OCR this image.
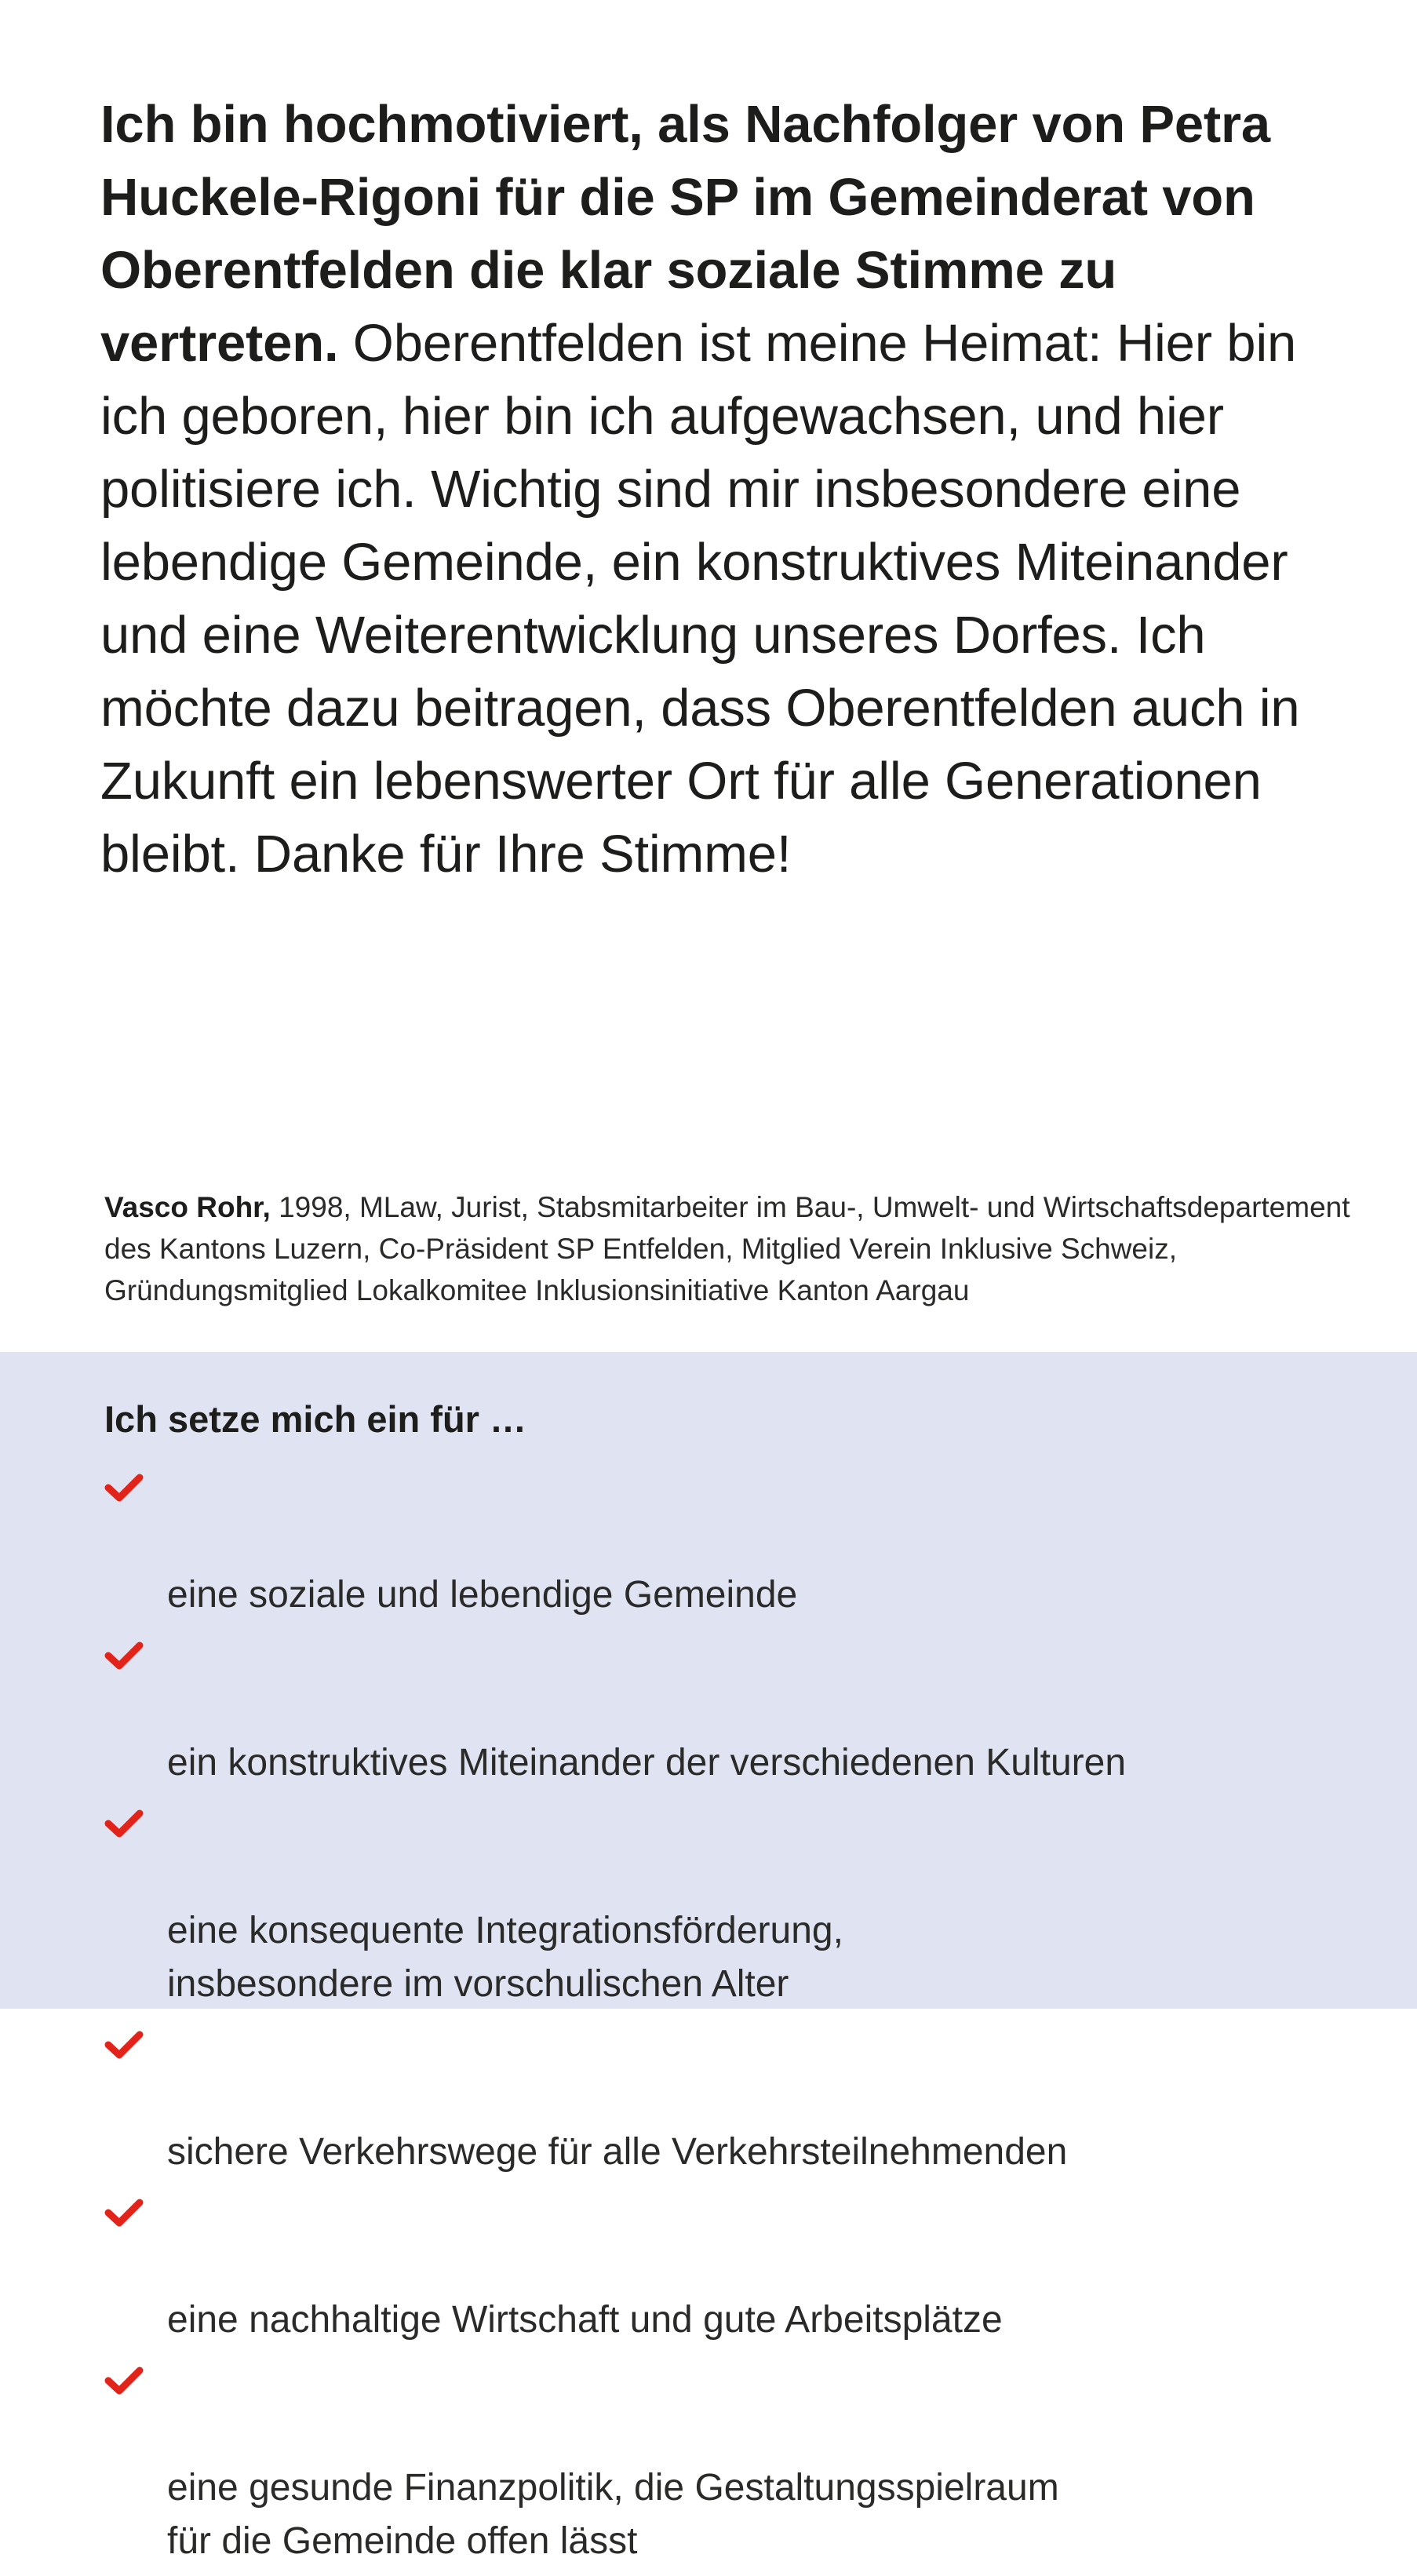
Ich bin hochmotiviert, als Nachfolger von Petra Huckele-Rigoni für die SP im Gemeinderat von Oberentfelden die klar soziale Stimme zu vertreten. Oberentfelden ist meine Heimat: Hier bin ich geboren, hier bin ich aufgewachsen, und hier politisiere ich. Wichtig sind mir insbesondere eine lebendige Gemeinde, ein konstruktives Miteinander und eine Weiterentwicklung unseres Dorfes. Ich möchte dazu beitragen, dass Oberentfelden auch in Zukunft ein lebenswerter Ort für alle Generationen bleibt. Danke für Ihre Stimme!

Vasco Rohr, 1998, MLaw, Jurist, Stabsmitarbeiter im Bau-, Umwelt- und Wirtschaftsdepartement des Kantons Luzern, Co-Präsident SP Entfelden, Mitglied Verein Inklusive Schweiz, Gründungsmitglied Lokalkomitee Inklusionsinitiative Kanton Aargau

Ich setze mich ein für …

eine soziale und lebendige Gemeinde

ein konstruktives Miteinander der verschiedenen Kulturen

eine konsequente Integrationsförderung,
insbesondere im vorschulischen Alter

sichere Verkehrswege für alle Verkehrsteilnehmenden

eine nachhaltige Wirtschaft und gute Arbeitsplätze

eine gesunde Finanzpolitik, die Gestaltungsspielraum
für die Gemeinde offen lässt
